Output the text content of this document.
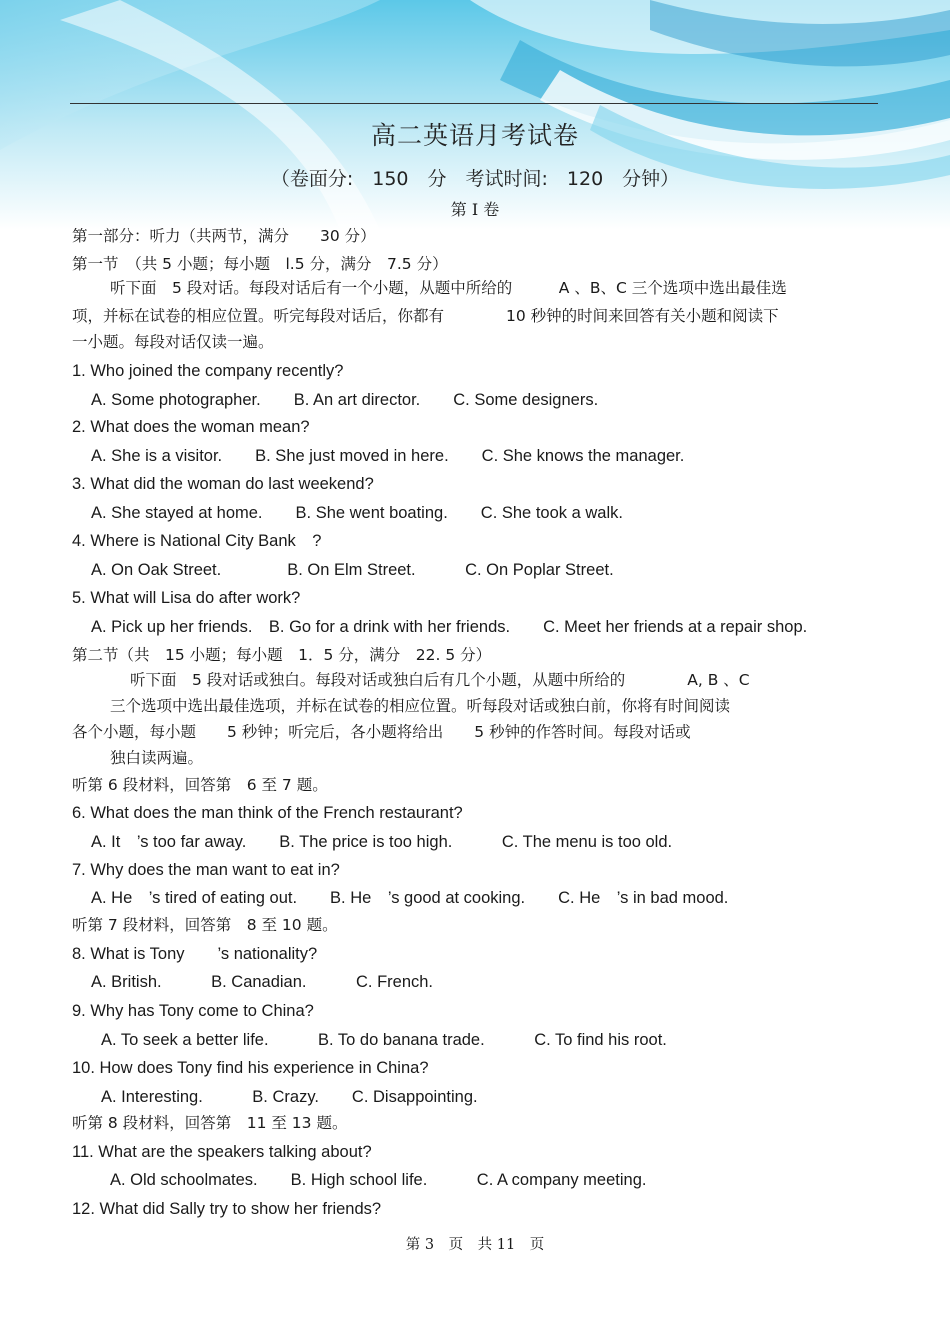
高二英语月考试卷
（卷面分:　150　分　考试时间:　120　分钟）
第 I 卷
第一部分：听力（共两节，满分　　30 分）
第一节　（共 5 小题；每小题　l.5 分，满分　7.5 分）
听下面　5 段对话。每段对话后有一个小题，从题中所给的　　　A 、B、C 三个选项中选出最佳选
项，并标在试卷的相应位置。听完每段对话后，你都有　　　　10 秒钟的时间来回答有关小题和阅读下
一小题。每段对话仅读一遍。
1. Who joined the company recently?
A. Some photographer.　　B. An art director.　　C. Some designers.
2. What does the woman mean?
A. She is a visitor.　　B. She just moved in here.　　C. She knows the manager.
3. What did the woman do last weekend?
A. She stayed at home.　　B. She went boating.　　C. She took a walk.
4. Where is National City Bank　?
A. On Oak Street.　　　　B. On Elm Street.　　　C. On Poplar Street.
5. What will Lisa do after work?
A. Pick up her friends.　B. Go for a drink with her friends.　　C. Meet her friends at a repair shop.
第二节（共　15 小题；每小题　1．5 分，满分　22. 5 分）
听下面　5 段对话或独白。每段对话或独白后有几个小题，从题中所给的　　　　A, B 、C
三个选项中选出最佳选项，并标在试卷的相应位置。听每段对话或独白前，你将有时间阅读
各个小题，每小题　　5 秒钟；听完后，各小题将给出　　5 秒钟的作答时间。每段对话或
独白读两遍。
听第 6 段材料，回答第　6 至 7 题。
6. What does the man think of the French restaurant?
A. It　’s too far away.　　B. The price is too high.　　　C. The menu is too old.
7. Why does the man want to eat in?
A. He　’s tired of eating out.　　B. He　’s good at cooking.　　C. He　’s in bad mood.
听第 7 段材料，回答第　8 至 10 题。
8. What is Tony　　’s nationality?
A. British.　　　B. Canadian.　　　C. French.
9. Why has Tony come to China?
A. To seek a better life.　　　B. To do banana trade.　　　C. To find his root.
10. How does Tony find his experience in China?
A. Interesting.　　　B. Crazy.　　C. Disappointing.
听第 8 段材料，回答第　11 至 13 题。
11. What are the speakers talking about?
A. Old schoolmates.　　B. High school life.　　　C. A company meeting.
12. What did Sally try to show her friends?
第 3　页　共 11　页
